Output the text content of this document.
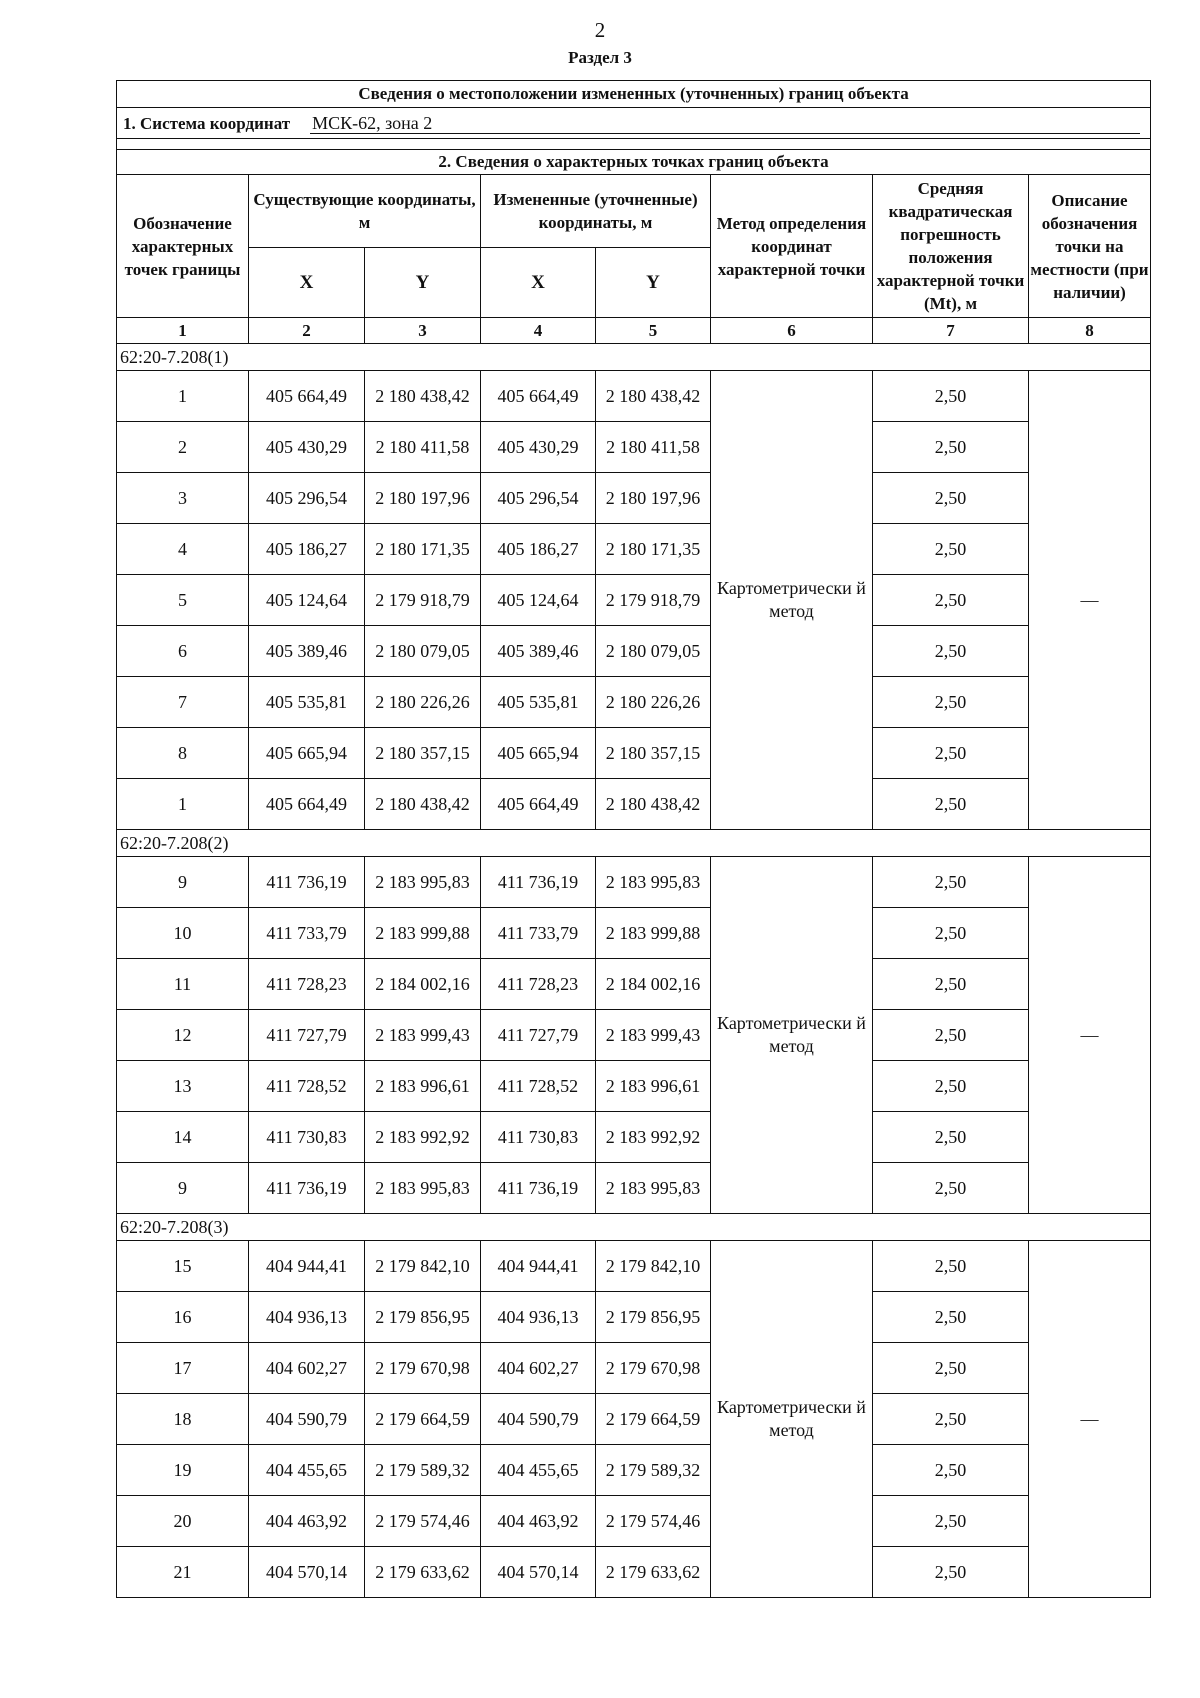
2
Раздел 3
Сведения о местоположении измененных (уточненных) границ объекта							

1. Система координат МСК-62, зона 2							

2. Сведения о характерных точках границ объекта							
Обозначение характерных точек границы	Существующие координаты, м		Измененные (уточненные) координаты, м		Метод определения координат характерной точки	Средняя квадратическая погрешность положения характерной точки (Mt), м	Описание обозначения точки на местности (при наличии)
	X	Y	X	Y			
1	2	3	4	5	6	7	8
62:20-7.208(1)							
1	405 664,49	2 180 438,42	405 664,49	2 180 438,42	Картометрически й метод	2,50	—
2	405 430,29	2 180 411,58	405 430,29	2 180 411,58		2,50	
3	405 296,54	2 180 197,96	405 296,54	2 180 197,96		2,50	
4	405 186,27	2 180 171,35	405 186,27	2 180 171,35		2,50	
5	405 124,64	2 179 918,79	405 124,64	2 179 918,79		2,50	
6	405 389,46	2 180 079,05	405 389,46	2 180 079,05		2,50	
7	405 535,81	2 180 226,26	405 535,81	2 180 226,26		2,50	
8	405 665,94	2 180 357,15	405 665,94	2 180 357,15		2,50	
1	405 664,49	2 180 438,42	405 664,49	2 180 438,42		2,50	
62:20-7.208(2)							
9	411 736,19	2 183 995,83	411 736,19	2 183 995,83	Картометрически й метод	2,50	—
10	411 733,79	2 183 999,88	411 733,79	2 183 999,88		2,50	
11	411 728,23	2 184 002,16	411 728,23	2 184 002,16		2,50	
12	411 727,79	2 183 999,43	411 727,79	2 183 999,43		2,50	
13	411 728,52	2 183 996,61	411 728,52	2 183 996,61		2,50	
14	411 730,83	2 183 992,92	411 730,83	2 183 992,92		2,50	
9	411 736,19	2 183 995,83	411 736,19	2 183 995,83		2,50	
62:20-7.208(3)							
15	404 944,41	2 179 842,10	404 944,41	2 179 842,10	Картометрически й метод	2,50	—
16	404 936,13	2 179 856,95	404 936,13	2 179 856,95		2,50	
17	404 602,27	2 179 670,98	404 602,27	2 179 670,98		2,50	
18	404 590,79	2 179 664,59	404 590,79	2 179 664,59		2,50	
19	404 455,65	2 179 589,32	404 455,65	2 179 589,32		2,50	
20	404 463,92	2 179 574,46	404 463,92	2 179 574,46		2,50	
21	404 570,14	2 179 633,62	404 570,14	2 179 633,62		2,50	
